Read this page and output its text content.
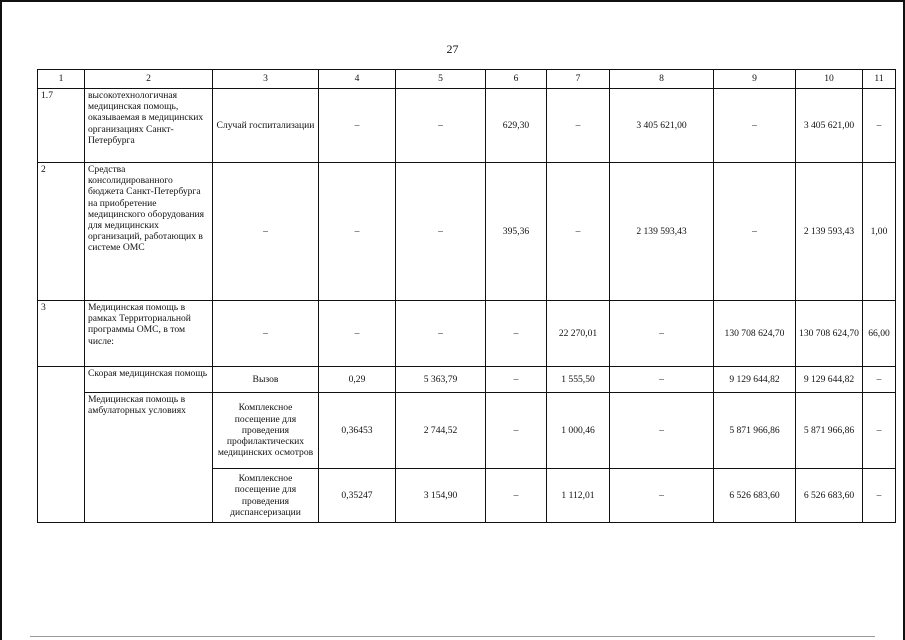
27
1	2	3	4	5	6	7	8	9	10	11
1.7	высокотехнологичная медицинская помощь, оказываемая в медицинских организациях Санкт-Петербурга	Случай госпитализации	–	–	629,30	–	3 405 621,00	–	3 405 621,00	–
2	Средства консолидированного бюджета Санкт-Петербурга на приобретение медицинского оборудования для медицинских организаций, работающих в системе ОМС	–	–	–	395,36	–	2 139 593,43	–	2 139 593,43	1,00
3	Медицинская помощь в рамках Территориальной программы ОМС, в том числе:	–	–	–	–	22 270,01	–	130 708 624,70	130 708 624,70	66,00
	Скорая медицинская помощь	Вызов	0,29	5 363,79	–	1 555,50	–	9 129 644,82	9 129 644,82	–
	Медицинская помощь в амбулаторных условиях	Комплексное посещение для проведения профилактических медицинских осмотров	0,36453	2 744,52	–	1 000,46	–	5 871 966,86	5 871 966,86	–
		Комплексное посещение для проведения диспансеризации	0,35247	3 154,90	–	1 112,01	–	6 526 683,60	6 526 683,60	–
